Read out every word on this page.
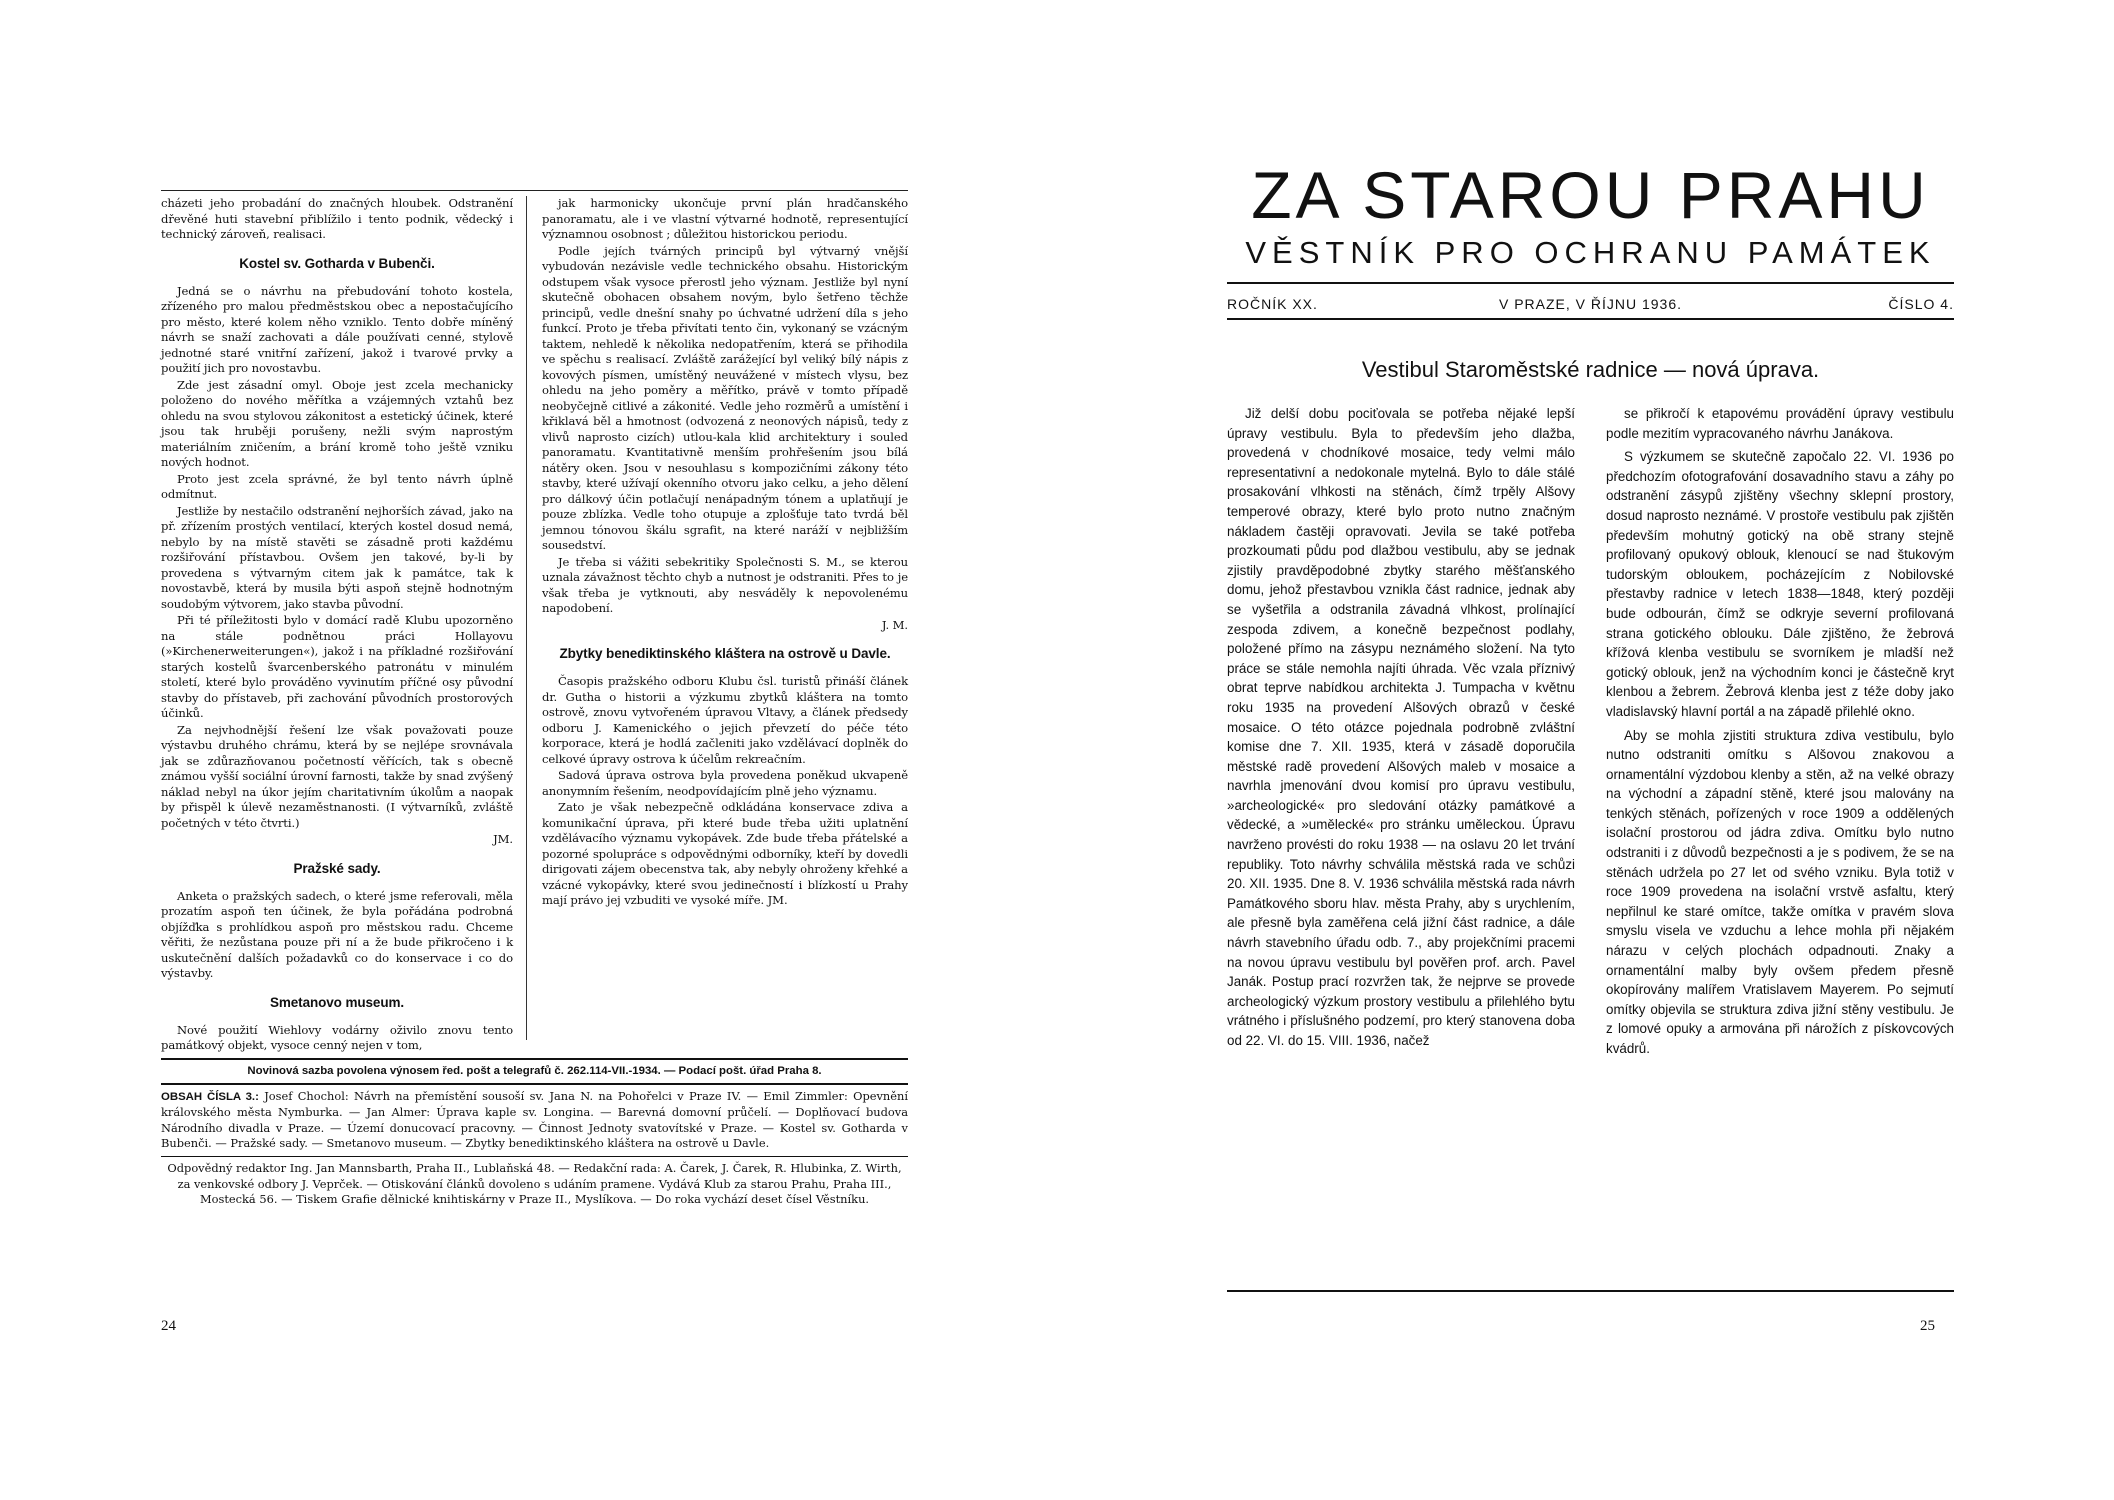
cházeti jeho probadání do značných hloubek. Odstranění dřevěné huti stavební přiblížilo i tento podnik, vědecký i technický zároveň, realisaci.

Kostel sv. Gotharda v Bubenči.

Jedná se o návrhu na přebudování tohoto kostela, zřízeného pro malou předměstskou obec a nepostačujícího pro město, které kolem něho vzniklo. Tento dobře míněný návrh se snaží zachovati a dále používati cenné, stylově jednotné staré vnitřní zařízení, jakož i tvarové prvky a použití jich pro novostavbu.

Zde jest zásadní omyl. Oboje jest zcela mechanicky položeno do nového měřítka a vzájemných vztahů bez ohledu na svou stylovou zákonitost a estetický účinek, které jsou tak hruběji porušeny, nežli svým naprostým materiálním zničením, a brání kromě toho ještě vzniku nových hodnot.

Proto jest zcela správné, že byl tento návrh úplně odmítnut.

Jestliže by nestačilo odstranění nejhorších závad, jako na př. zřízením prostých ventilací, kterých kostel dosud nemá, nebylo by na místě stavěti se zásadně proti každému rozšiřování přístavbou. Ovšem jen takové, by-li by provedena s výtvarným citem jak k památce, tak k novostavbě, která by musila býti aspoň stejně hodnotným soudobým výtvorem, jako stavba původní.

Při té příležitosti bylo v domácí radě Klubu upozorněno na stále podnětnou práci Hollayovu (»Kirchenerweiterungen«), jakož i na příkladné rozšiřování starých kostelů švarcenberského patronátu v minulém století, které bylo prováděno vyvinutím příčné osy původní stavby do přístaveb, při zachování původních prostorových účinků.

Za nejvhodnější řešení lze však považovati pouze výstavbu druhého chrámu, která by se nejlépe srovnávala jak se zdůrazňovanou početností věřících, tak s obecně známou vyšší sociální úrovní farnosti, takže by snad zvýšený náklad nebyl na úkor jejím charitativním úkolům a naopak by přispěl k úlevě nezaměstnanosti. (I výtvarníků, zvláště početných v této čtvrti.)

JM.

Pražské sady.

Anketa o pražských sadech, o které jsme referovali, měla prozatím aspoň ten účinek, že byla pořádána podrobná objížďka s prohlídkou aspoň pro městskou radu. Chceme věřiti, že nezůstana pouze při ní a že bude přikročeno i k uskutečnění dalších požadavků co do konservace i co do výstavby.

Smetanovo museum.

Nové použití Wiehlovy vodárny oživilo znovu tento památkový objekt, vysoce cenný nejen v tom,

jak harmonicky ukončuje první plán hradčanského panoramatu, ale i ve vlastní výtvarné hodnotě, representující významnou osobnost ; důležitou historickou periodu.

Podle jejích tvárných principů byl výtvarný vnější vybudován nezávisle vedle technického obsahu. Historickým odstupem však vysoce přerostl jeho význam. Jestliže byl nyní skutečně obohacen obsahem novým, bylo šetřeno těchže principů, vedle dnešní snahy po úchvatné udržení díla s jeho funkcí. Proto je třeba přivítati tento čin, vykonaný se vzácným taktem, nehledě k několika nedopatřením, která se přihodila ve spěchu s realisací. Zvláště zarážející byl veliký bílý nápis z kovových písmen, umístěný neuvážené v místech vlysu, bez ohledu na jeho poměry a měřítko, právě v tomto případě neobyčejně citlivé a zákonité. Vedle jeho rozměrů a umístění i křiklavá běl a hmotnost (odvozená z neonových nápisů, tedy z vlivů naprosto cizích) utlou-kala klid architektury i souled panoramatu. Kvantitativně menším prohřešením jsou bílá nátěry oken. Jsou v nesouhlasu s kompozičními zákony této stavby, které užívají okenního otvoru jako celku, a jeho dělení pro dálkový účin potlačují nenápadným tónem a uplatňují je pouze zblízka. Vedle toho otupuje a zplošťuje tato tvrdá běl jemnou tónovou škálu sgrafit, na které naráží v nejbližším sousedství.

Je třeba si vážiti sebekritiky Společnosti S. M., se kterou uznala závažnost těchto chyb a nutnost je odstraniti. Přes to je však třeba je vytknouti, aby nesváděly k nepovolenému napodobení.

J. M.

Zbytky benediktinského kláštera na ostrově u Davle.

Časopis pražského odboru Klubu čsl. turistů přináší článek dr. Gutha o historii a výzkumu zbytků kláštera na tomto ostrově, znovu vytvořeném úpravou Vltavy, a článek předsedy odboru J. Kamenického o jejich převzetí do péče této korporace, která je hodlá začleniti jako vzdělávací doplněk do celkové úpravy ostrova k účelům rekreačním.

Sadová úprava ostrova byla provedena poněkud ukvapeně anonymním řešením, neodpovídajícím plně jeho významu.

Zato je však nebezpečně odkládána konservace zdiva a komunikační úprava, při které bude třeba užiti uplatnění vzdělávacího významu vykopávek. Zde bude třeba přátelské a pozorné spolupráce s odpovědnými odborníky, kteří by dovedli dirigovati zájem obecenstva tak, aby nebyly ohroženy křehké a vzácné vykopávky, které svou jedinečností i blízkostí u Prahy mají právo jej vzbuditi ve vysoké míře. JM.

Novinová sazba povolena výnosem řed. pošt a telegrafů č. 262.114-VII.-1934. — Podací pošt. úřad Praha 8.
OBSAH ČÍSLA 3.: Josef Chochol: Návrh na přemístění sousoší sv. Jana N. na Pohořelci v Praze IV. — Emil Zimmler: Opevnění královského města Nymburka. — Jan Almer: Úprava kaple sv. Longina. — Barevná domovní průčelí. — Doplňovací budova Národního divadla v Praze. — Území donucovací pracovny. — Činnost Jednoty svatovítské v Praze. — Kostel sv. Gotharda v Bubenči. — Pražské sady. — Smetanovo museum. — Zbytky benediktinského kláštera na ostrově u Davle.
Odpovědný redaktor Ing. Jan Mannsbarth, Praha II., Lublaňská 48. — Redakční rada: A. Čarek, J. Čarek, R. Hlubinka, Z. Wirth, za venkovské odbory J. Veprček. — Otiskování článků dovoleno s udáním pramene. Vydává Klub za starou Prahu, Praha III., Mostecká 56. — Tiskem Grafie dělnické knihtiskárny v Praze II., Myslíkova. — Do roka vychází deset čísel Věstníku.
24
ZA STAROU PRAHU
VĚSTNÍK PRO OCHRANU PAMÁTEK
ROČNÍK XX.	V PRAZE, V ŘÍJNU 1936.	ČÍSLO 4.
Vestibul Staroměstské radnice — nová úprava.

Již delší dobu pociťovala se potřeba nějaké lepší úpravy vestibulu. Byla to především jeho dlažba, provedená v chodníkové mosaice, tedy velmi málo representativní a nedokonale mytelná. Bylo to dále stálé prosakování vlhkosti na stěnách, čímž trpěly Alšovy temperové obrazy, které bylo proto nutno značným nákladem častěji opravovati. Jevila se také potřeba prozkoumati půdu pod dlažbou vestibulu, aby se jednak zjistily pravděpodobné zbytky starého měšťanského domu, jehož přestavbou vznikla část radnice, jednak aby se vyšetřila a odstranila závadná vlhkost, prolínající zespoda zdivem, a konečně bezpečnost podlahy, položené přímo na zásypu neznámého složení. Na tyto práce se stále nemohla najíti úhrada. Věc vzala příznivý obrat teprve nabídkou architekta J. Tumpacha v květnu roku 1935 na provedení Alšových obrazů v české mosaice. O této otázce pojednala podrobně zvláštní komise dne 7. XII. 1935, která v zásadě doporučila městské radě provedení Alšových maleb v mosaice a navrhla jmenování dvou komisí pro úpravu vestibulu, »archeologické« pro sledování otázky památkové a vědecké, a »umělecké« pro stránku uměleckou. Úpravu navrženo provésti do roku 1938 — na oslavu 20 let trvání republiky. Toto návrhy schválila městská rada ve schůzi 20. XII. 1935. Dne 8. V. 1936 schválila městská rada návrh Památkového sboru hlav. města Prahy, aby s urychlením, ale přesně byla zaměřena celá jižní část radnice, a dále návrh stavebního úřadu odb. 7., aby projekčními pracemi na novou úpravu vestibulu byl pověřen prof. arch. Pavel Janák. Postup prací rozvržen tak, že nejprve se provede archeologický výzkum prostory vestibulu a přilehlého bytu vrátného i příslušného podzemí, pro který stanovena doba od 22. VI. do 15. VIII. 1936, načež

se přikročí k etapovému provádění úpravy vestibulu podle mezitím vypracovaného návrhu Janákova.

S výzkumem se skutečně započalo 22. VI. 1936 po předchozím ofotografování dosavadního stavu a záhy po odstranění zásypů zjištěny všechny sklepní prostory, dosud naprosto neznámé. V prostoře vestibulu pak zjištěn především mohutný gotický na obě strany stejně profilovaný opukový oblouk, klenoucí se nad štukovým tudorským obloukem, pocházejícím z Nobilovské přestavby radnice v letech 1838—1848, který později bude odbourán, čímž se odkryje severní profilovaná strana gotického oblouku. Dále zjištěno, že žebrová křížová klenba vestibulu se svorníkem je mladší než gotický oblouk, jenž na východním konci je částečně kryt klenbou a žebrem. Žebrová klenba jest z téže doby jako vladislavský hlavní portál a na západě přilehlé okno.

Aby se mohla zjistiti struktura zdiva vestibulu, bylo nutno odstraniti omítku s Alšovou znakovou a ornamentální výzdobou klenby a stěn, až na velké obrazy na východní a západní stěně, které jsou malovány na tenkých stěnách, pořízených v roce 1909 a oddělených isolační prostorou od jádra zdiva. Omítku bylo nutno odstraniti i z důvodů bezpečnosti a je s podivem, že se na stěnách udržela po 27 let od svého vzniku. Byla totiž v roce 1909 provedena na isolační vrstvě asfaltu, který nepřilnul ke staré omítce, takže omítka v pravém slova smyslu visela ve vzduchu a lehce mohla při nějakém nárazu v celých plochách odpadnouti. Znaky a ornamentální malby byly ovšem předem přesně okopírovány malířem Vratislavem Mayerem. Po sejmutí omítky objevila se struktura zdiva jižní stěny vestibulu. Je z lomové opuky a armována při nárožích z pískovcových kvádrů.

25
